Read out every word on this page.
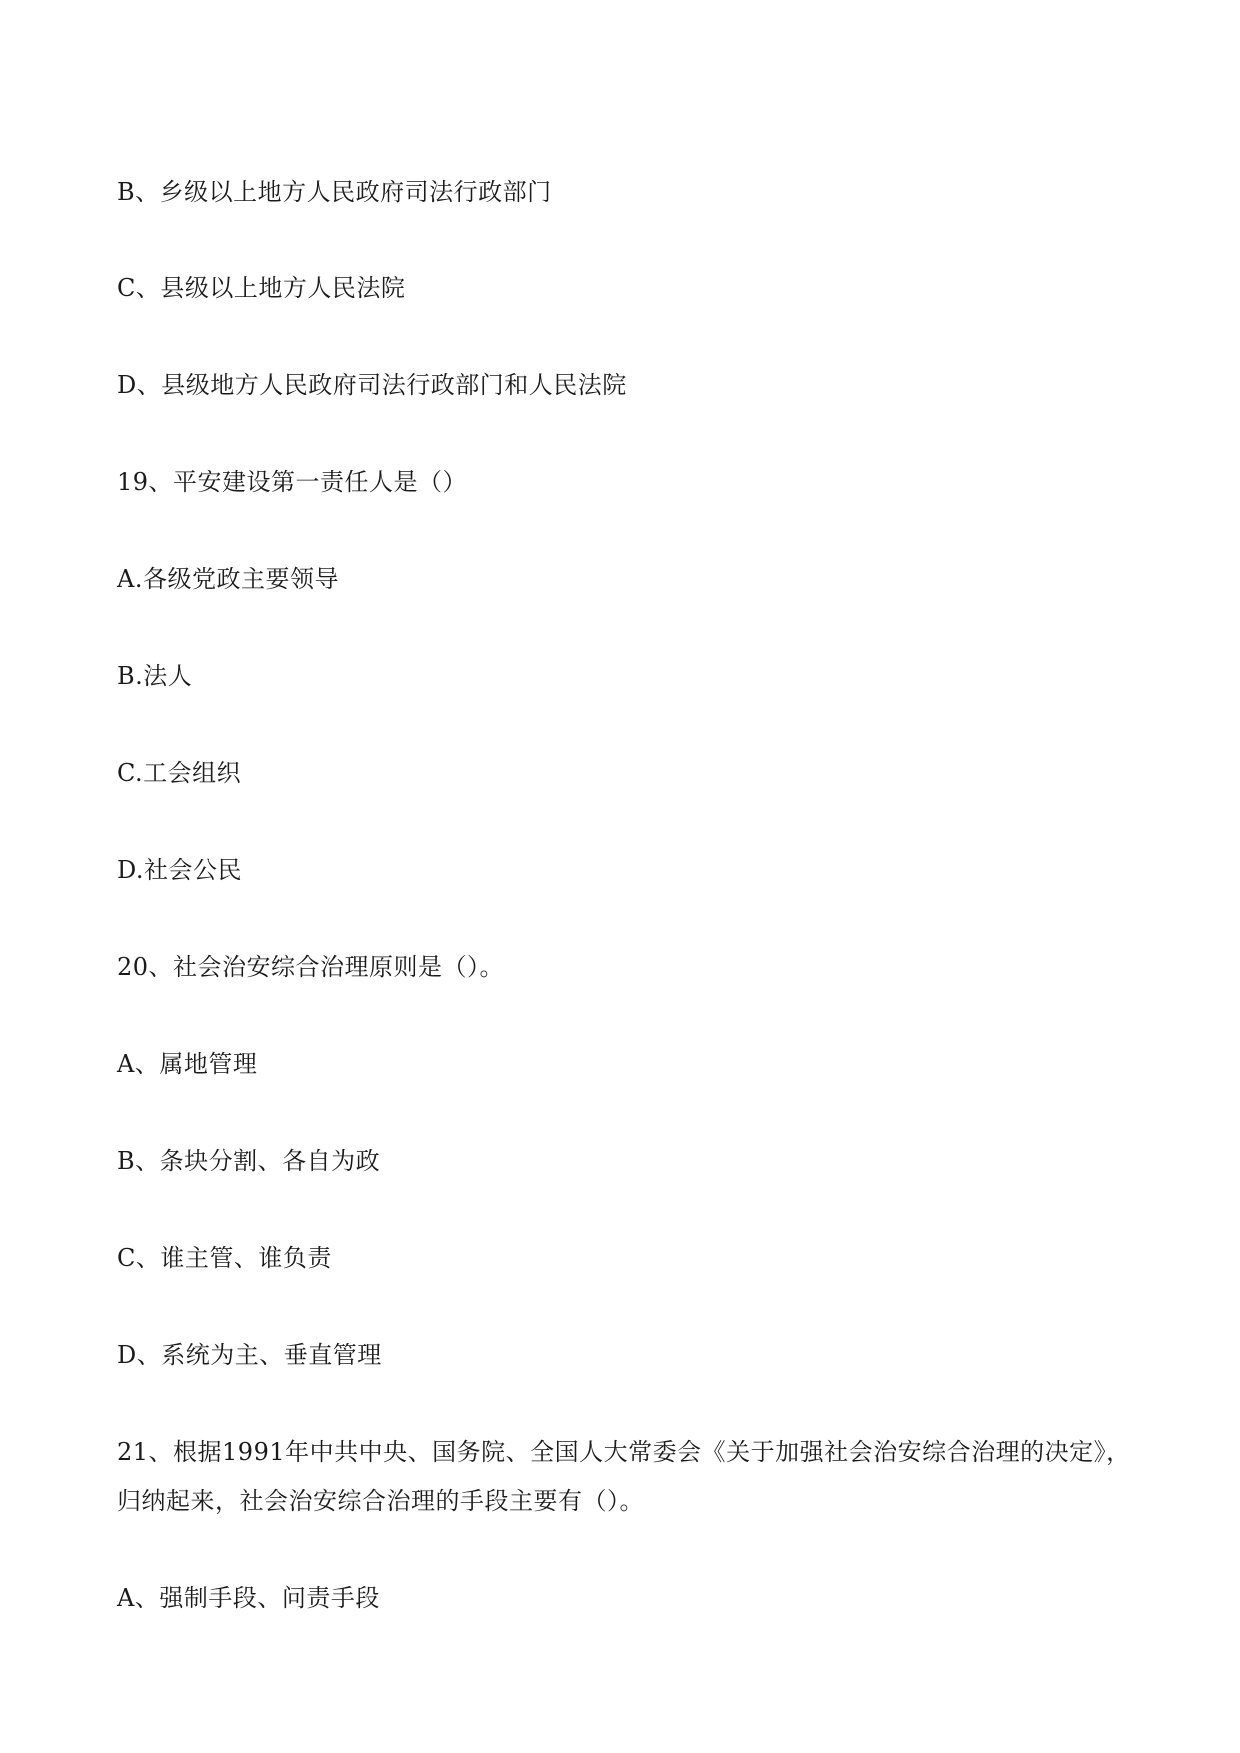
B、乡级以上地方人民政府司法行政部门
C、县级以上地方人民法院
D、县级地方人民政府司法行政部门和人民法院
19、平安建设第一责任人是（）
A.各级党政主要领导
B.法人
C.工会组织
D.社会公民
20、社会治安综合治理原则是（）。
A、属地管理
B、条块分割、各自为政
C、谁主管、谁负责
D、系统为主、垂直管理
21、根据1991年中共中央、国务院、全国人大常委会《关于加强社会治安综合治理的决定》，
归纳起来，社会治安综合治理的手段主要有（）。
A、强制手段、问责手段
